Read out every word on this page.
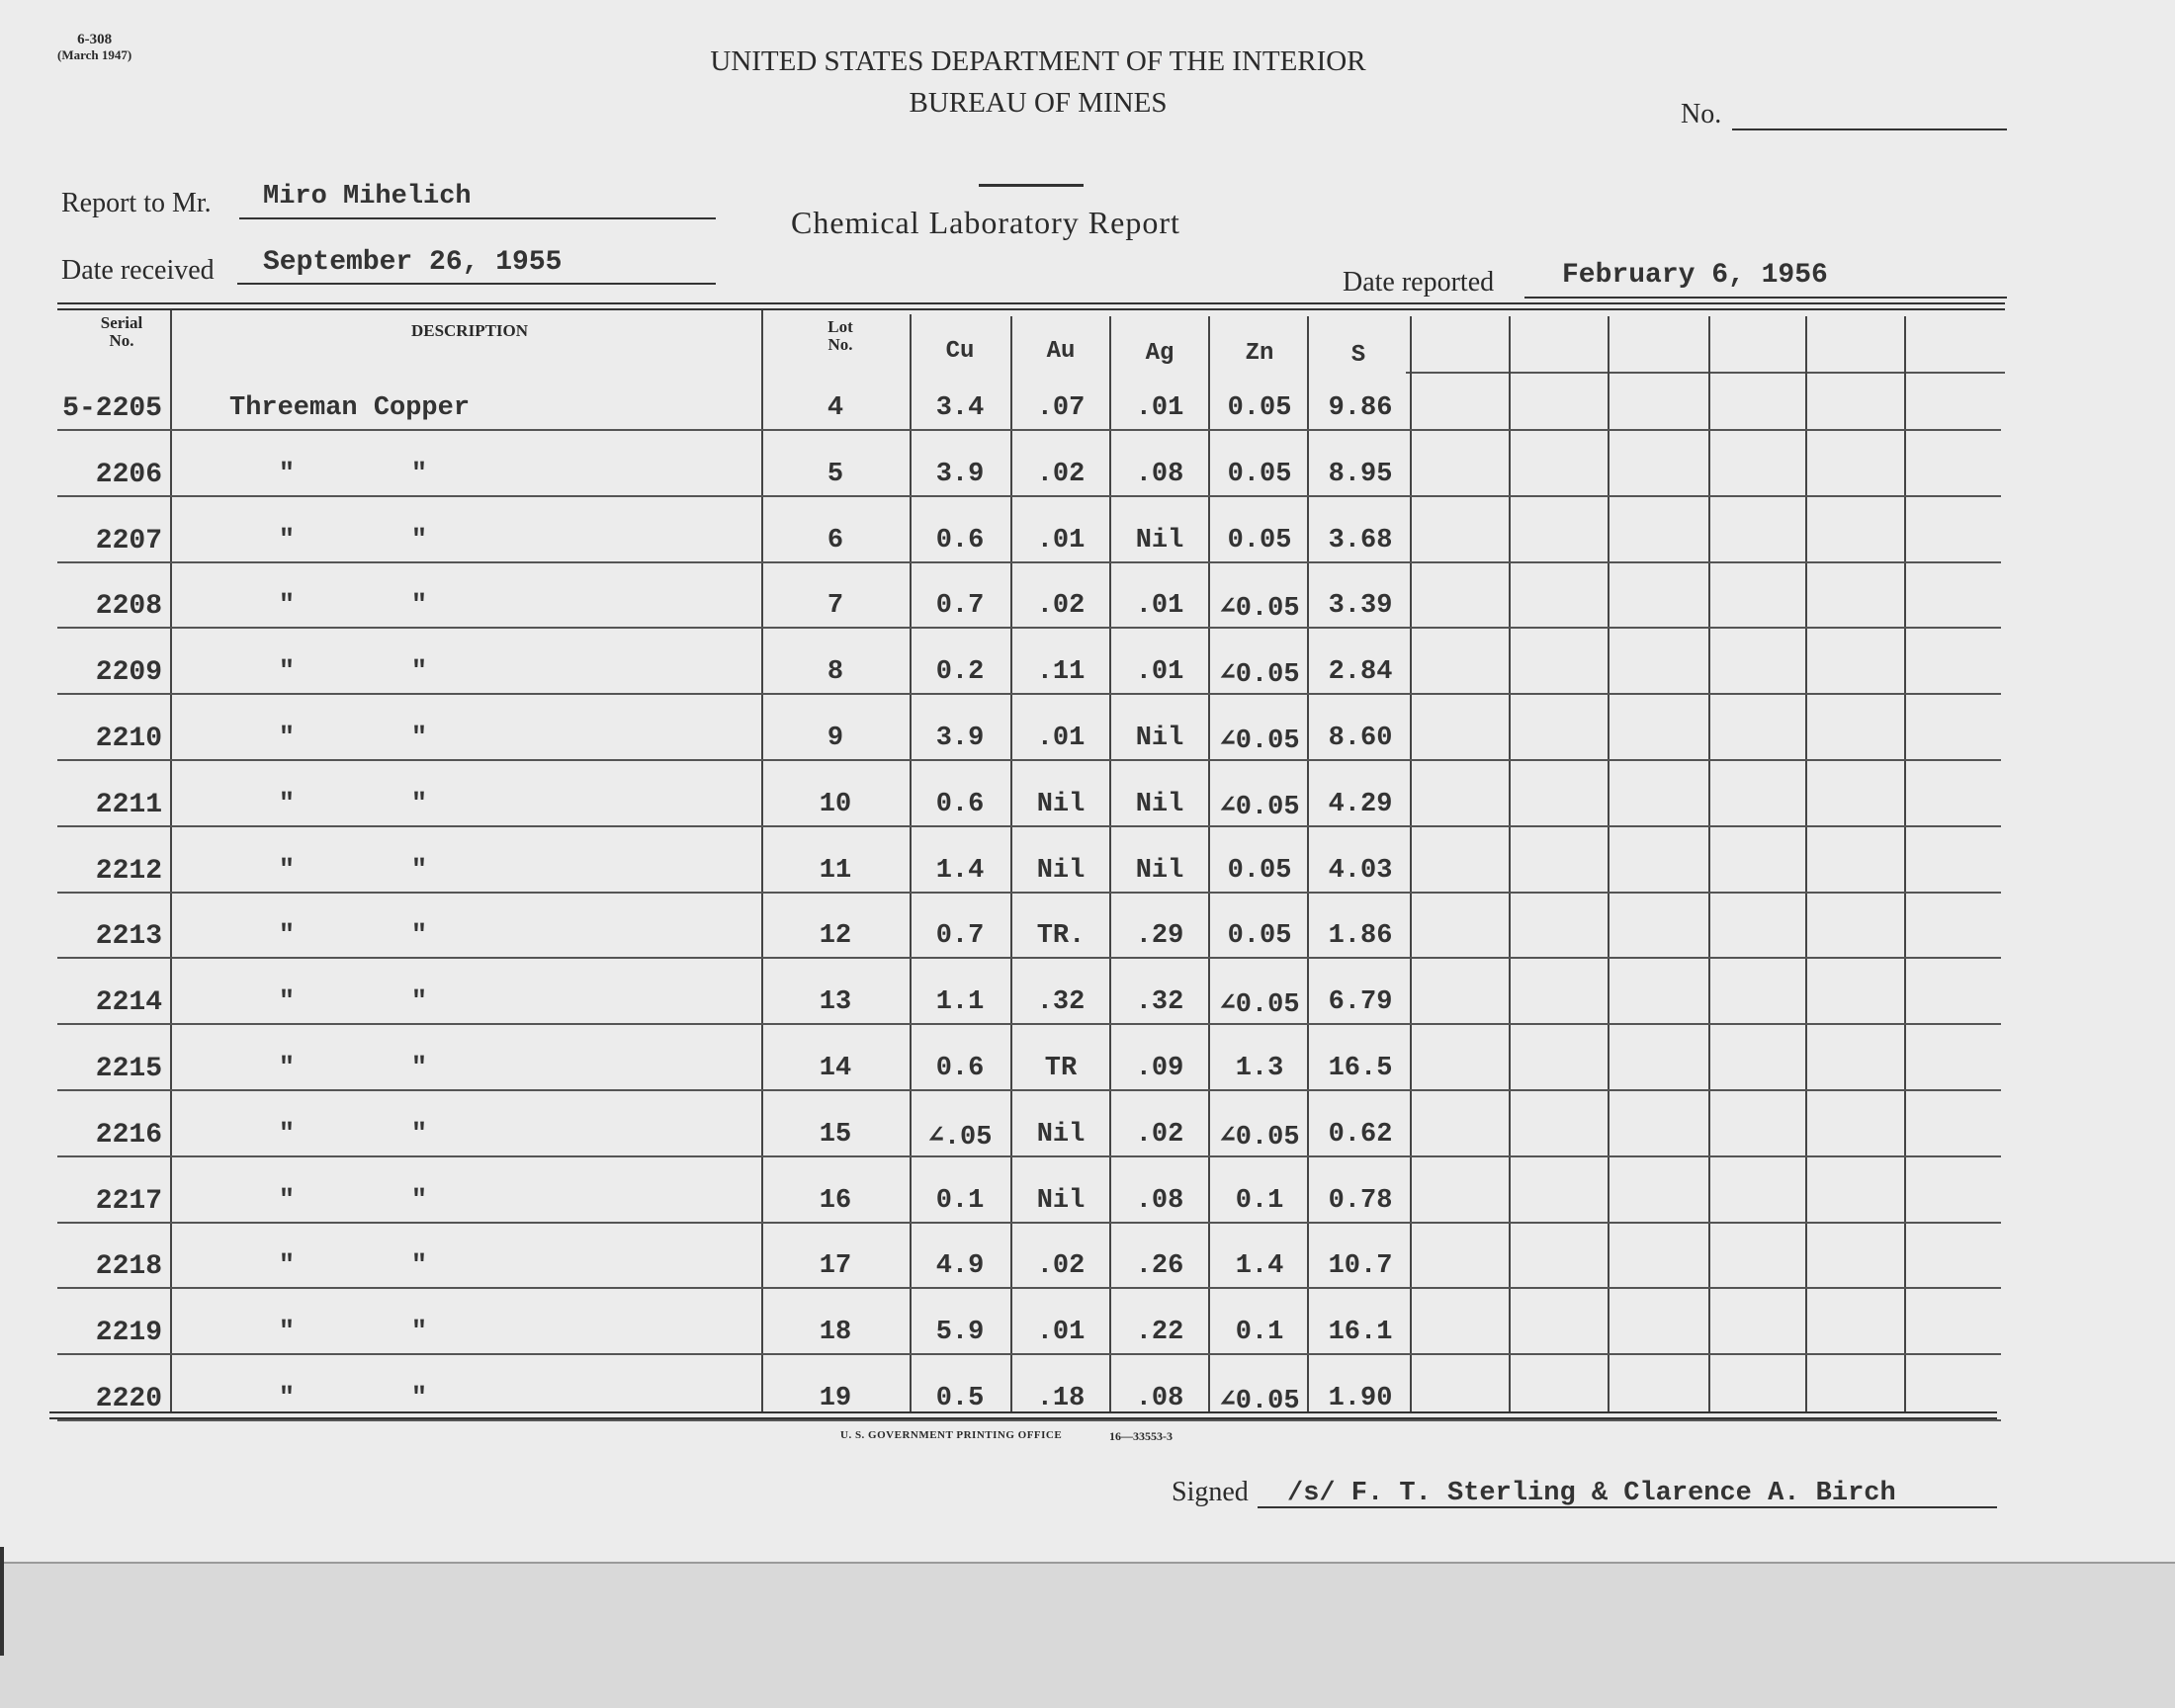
6-308
(March 1947)	UNITED STATES DEPARTMENT OF THE INTERIOR
BUREAU OF MINES	No.
Chemical Laboratory Report
Report to Mr. Miro Mihelich
Date received September 26, 1955
Date reported February 6, 1956
Serial
No.
DESCRIPTION	Lot
No.	Cu	Au	Ag	Zn	S
5-2205	Threeman Copper	4	3.4	.07	.01	0.05	9.86
2206	"	"	5	3.9	.02	.08	0.05	8.95
2207	"	"	6	0.6	.01	Nil	0.05	3.68
2208	"	"	7	0.7	.02	.01	∠0.05	3.39
2209	"	"	8	0.2	.11	.01	∠0.05	2.84
2210	"	"	9	3.9	.01	Nil	∠0.05	8.60
2211	"	"	10	0.6	Nil	Nil	∠0.05	4.29
2212	"	"	11	1.4	Nil	Nil	0.05	4.03
2213	"	"	12	0.7	TR.	.29	0.05	1.86
2214	"	"	13	1.1	.32	.32	∠0.05	6.79
2215	"	"	14	0.6	TR	.09	1.3	16.5
2216	"	"	15	∠.05	Nil	.02	∠0.05	0.62
2217	"	"	16	0.1	Nil	.08	0.1	0.78
2218	"	"	17	4.9	.02	.26	1.4	10.7
2219	"	"	18	5.9	.01	.22	0.1	16.1
2220	"	"	19	0.5	.18	.08	∠0.05	1.90
U. S. GOVERNMENT PRINTING OFFICE	16—33553-3
Signed /s/ F. T. Sterling & Clarence A. Birch
